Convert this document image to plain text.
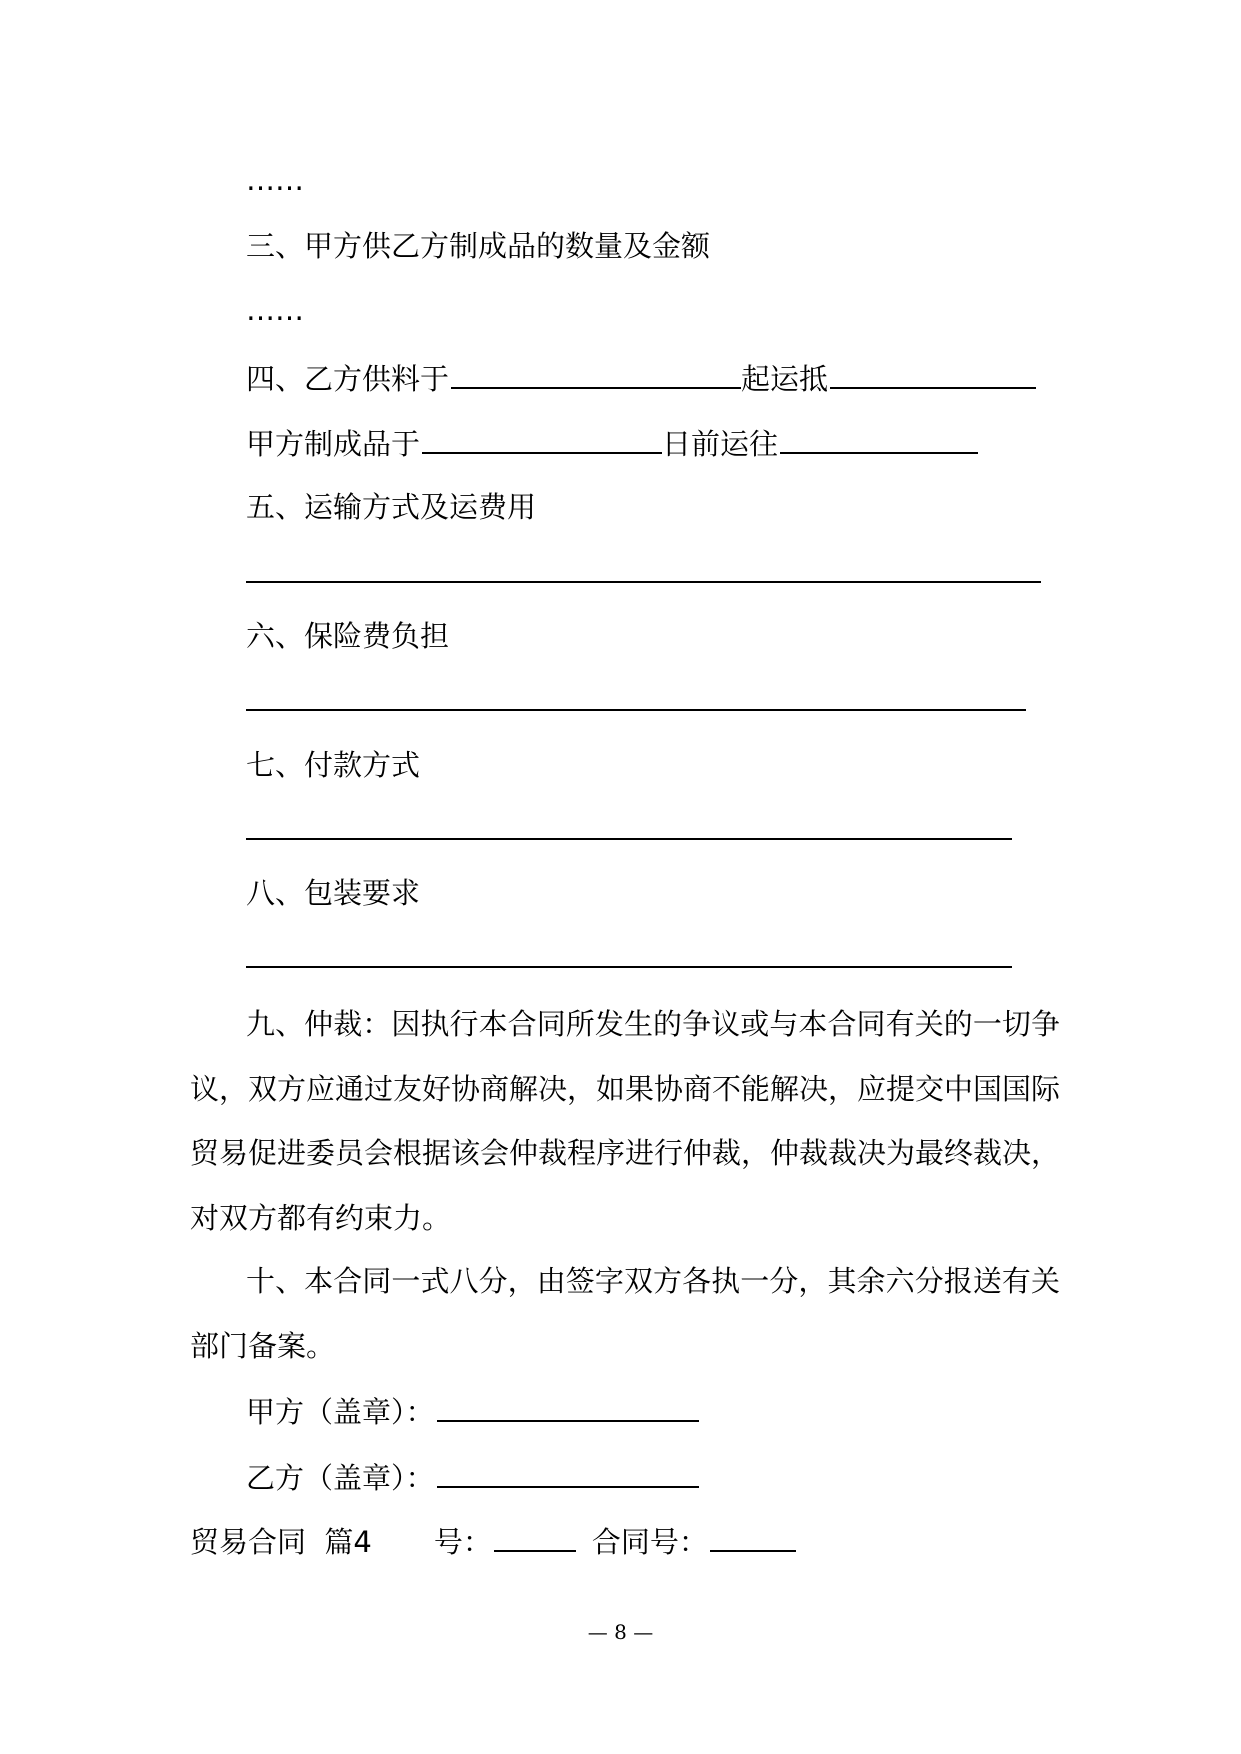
……
三、甲方供乙方制成品的数量及金额
……
四、乙方供料于	起运抵
甲方制成品于	日前运往
五、运输方式及运费用
六、保险费负担
七、付款方式
八、包装要求
九、仲裁：因执行本合同所发生的争议或与本合同有关的一切争议，双方应通过友好协商解决，如果协商不能解决，应提交中国国际贸易促进委员会根据该会仲裁程序进行仲裁，仲裁裁决为最终裁决，对双方都有约束力。
十、本合同一式八分，由签字双方各执一分，其余六分报送有关部门备案。
甲方（盖章）：
乙方（盖章）：
贸易合同  篇4 号：	合同号：
— 8 —
